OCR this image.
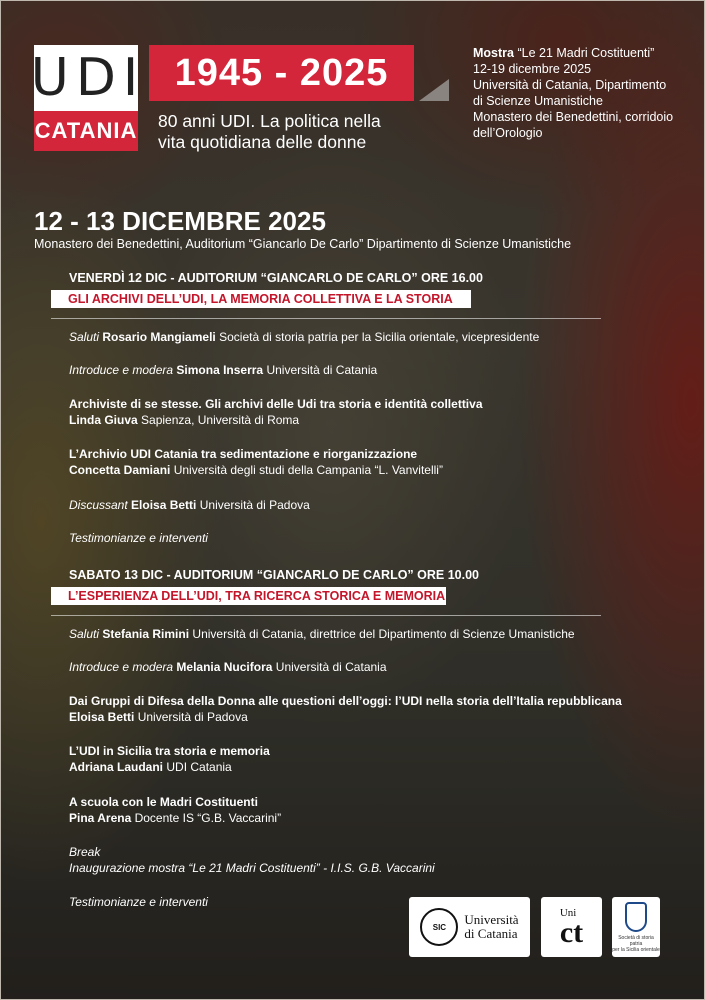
U D I
CATANIA
1945 - 2025
80 anni UDI. La politica nella
vita quotidiana delle donne
Mostra “Le 21 Madri Costituenti”
12-19 dicembre 2025
Università di Catania, Dipartimento
di Scienze Umanistiche
Monastero dei Benedettini, corridoio
dell’Orologio
12 - 13 DICEMBRE 2025
Monastero dei Benedettini, Auditorium “Giancarlo De Carlo” Dipartimento di Scienze Umanistiche
VENERDÌ 12 DIC - AUDITORIUM “GIANCARLO DE CARLO” ORE 16.00
GLI ARCHIVI DELL’UDI, LA MEMORIA COLLETTIVA E LA STORIA
Saluti Rosario Mangiameli Società di storia patria per la Sicilia orientale, vicepresidente
Introduce e modera Simona Inserra Università di Catania
Archiviste di se stesse. Gli archivi delle Udi tra storia e identità collettiva
Linda Giuva Sapienza, Università di Roma
L’Archivio UDI Catania tra sedimentazione e riorganizzazione
Concetta Damiani Università degli studi della Campania “L. Vanvitelli”
Discussant Eloisa Betti Università di Padova
Testimonianze e interventi
SABATO 13 DIC - AUDITORIUM “GIANCARLO DE CARLO” ORE 10.00
L’ESPERIENZA DELL’UDI, TRA RICERCA STORICA E MEMORIA
Saluti Stefania Rimini Università di Catania, direttrice del Dipartimento di Scienze Umanistiche
Introduce e modera Melania Nucifora Università di Catania
Dai Gruppi di Difesa della Donna alle questioni dell’oggi: l’UDI nella storia dell’Italia repubblicana
Eloisa Betti Università di Padova
L’UDI in Sicilia tra storia e memoria
Adriana Laudani UDI Catania
A scuola con le Madri Costituenti
Pina Arena Docente IS “G.B. Vaccarini”
Break
Inaugurazione mostra “Le 21 Madri Costituenti” - I.I.S. G.B. Vaccarini
Testimonianze e interventi
SIC Università
di Catania
Uni
ct	Società di storia patria
per la Sicilia orientale
